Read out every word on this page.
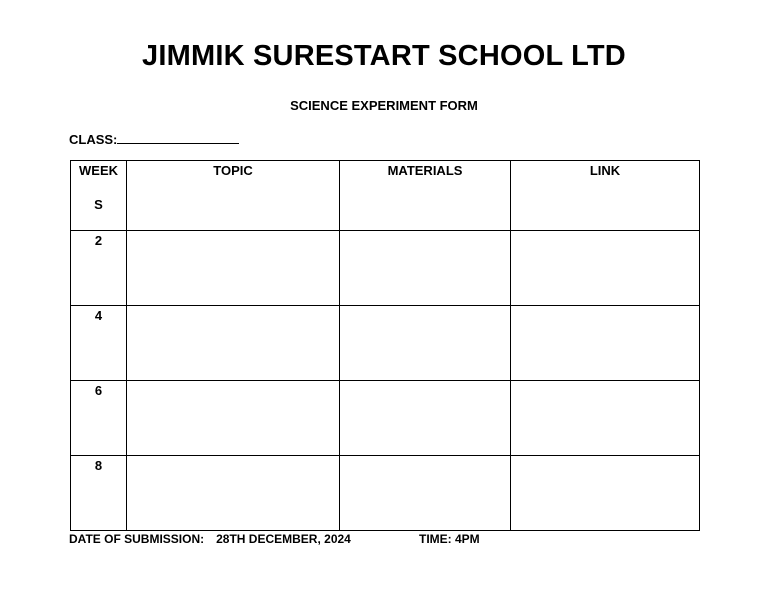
JIMMIK SURESTART SCHOOL LTD
SCIENCE EXPERIMENT FORM
CLASS:
WEEK
S	TOPIC	MATERIALS	LINK
2			
4			
6			
8			
DATE OF SUBMISSION: 28TH DECEMBER, 2024	TIME: 4PM
